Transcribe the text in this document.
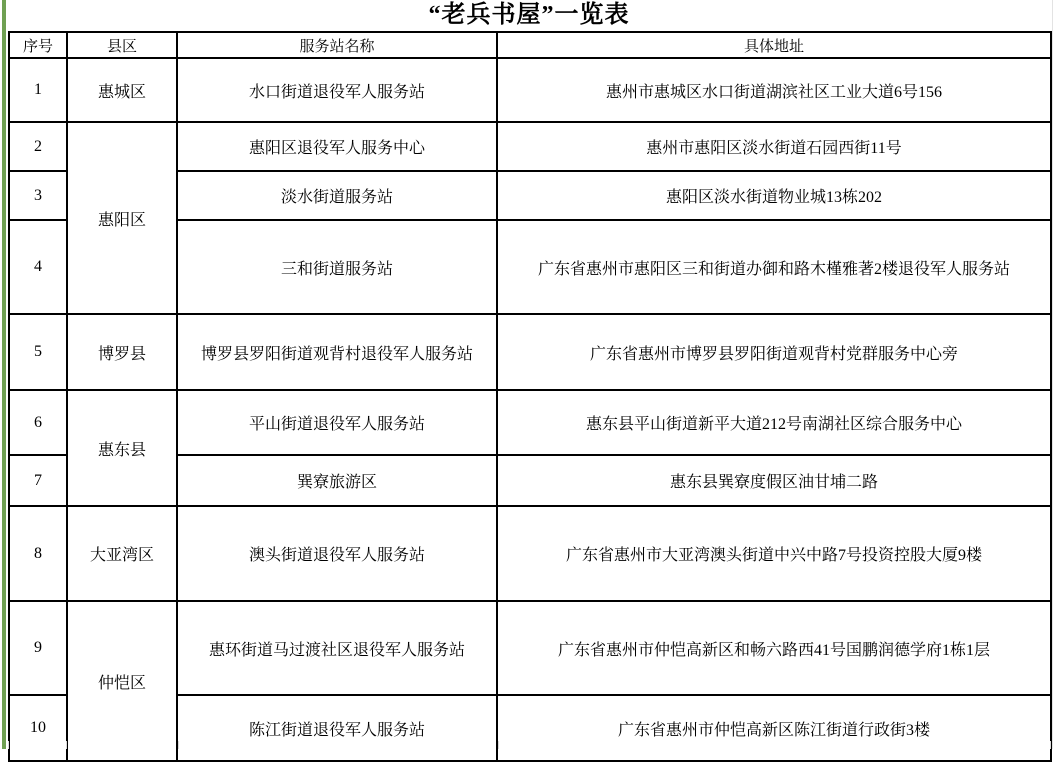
“老兵书屋”一览表
序号	县区	服务站名称	具体地址
1	惠城区	水口街道退役军人服务站	惠州市惠城区水口街道湖滨社区工业大道6号156
2	惠阳区	惠阳区退役军人服务中心	惠州市惠阳区淡水街道石园西街11号
3		淡水街道服务站	惠阳区淡水街道物业城13栋202
4		三和街道服务站	广东省惠州市惠阳区三和街道办御和路木槿雅著2楼退役军人服务站
5	博罗县	博罗县罗阳街道观背村退役军人服务站	广东省惠州市博罗县罗阳街道观背村党群服务中心旁
6	惠东县	平山街道退役军人服务站	惠东县平山街道新平大道212号南湖社区综合服务中心
7		巽寮旅游区	惠东县巽寮度假区油甘埔二路
8	大亚湾区	澳头街道退役军人服务站	广东省惠州市大亚湾澳头街道中兴中路7号投资控股大厦9楼
9	仲恺区	惠环街道马过渡社区退役军人服务站	广东省惠州市仲恺高新区和畅六路西41号国鹏润德学府1栋1层
10		陈江街道退役军人服务站	广东省惠州市仲恺高新区陈江街道行政街3楼
